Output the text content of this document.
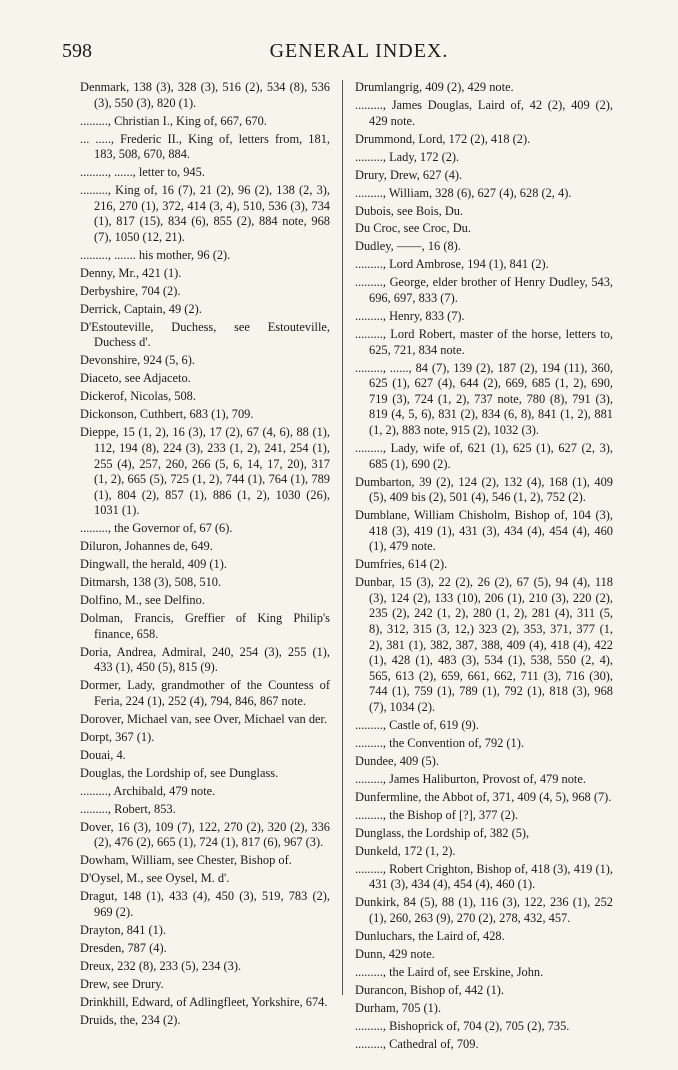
598	GENERAL INDEX.

Denmark, 138 (3), 328 (3), 516 (2), 534 (8), 536 (3), 550 (3), 820 (1).

........., Christian I., King of, 667, 670.

... ....., Frederic II., King of, letters from, 181, 183, 508, 670, 884.

........., ......, letter to, 945.

........., King of, 16 (7), 21 (2), 96 (2), 138 (2, 3), 216, 270 (1), 372, 414 (3, 4), 510, 536 (3), 734 (1), 817 (15), 834 (6), 855 (2), 884 note, 968 (7), 1050 (12, 21).

........., ....... his mother, 96 (2).

Denny, Mr., 421 (1).

Derbyshire, 704 (2).

Derrick, Captain, 49 (2).

D'Estouteville, Duchess, see Estouteville, Duchess d'.

Devonshire, 924 (5, 6).

Diaceto, see Adjaceto.

Dickerof, Nicolas, 508.

Dickonson, Cuthbert, 683 (1), 709.

Dieppe, 15 (1, 2), 16 (3), 17 (2), 67 (4, 6), 88 (1), 112, 194 (8), 224 (3), 233 (1, 2), 241, 254 (1), 255 (4), 257, 260, 266 (5, 6, 14, 17, 20), 317 (1, 2), 665 (5), 725 (1, 2), 744 (1), 764 (1), 789 (1), 804 (2), 857 (1), 886 (1, 2), 1030 (26), 1031 (1).

........., the Governor of, 67 (6).

Diluron, Johannes de, 649.

Dingwall, the herald, 409 (1).

Ditmarsh, 138 (3), 508, 510.

Dolfino, M., see Delfino.

Dolman, Francis, Greffier of King Philip's finance, 658.

Doria, Andrea, Admiral, 240, 254 (3), 255 (1), 433 (1), 450 (5), 815 (9).

Dormer, Lady, grandmother of the Countess of Feria, 224 (1), 252 (4), 794, 846, 867 note.

Dorover, Michael van, see Over, Michael van der.

Dorpt, 367 (1).

Douai, 4.

Douglas, the Lordship of, see Dunglass.

........., Archibald, 479 note.

........., Robert, 853.

Dover, 16 (3), 109 (7), 122, 270 (2), 320 (2), 336 (2), 476 (2), 665 (1), 724 (1), 817 (6), 967 (3).

Dowham, William, see Chester, Bishop of.

D'Oysel, M., see Oysel, M. d'.

Dragut, 148 (1), 433 (4), 450 (3), 519, 783 (2), 969 (2).

Drayton, 841 (1).

Dresden, 787 (4).

Dreux, 232 (8), 233 (5), 234 (3).

Drew, see Drury.

Drinkhill, Edward, of Adlingfleet, Yorkshire, 674.

Druids, the, 234 (2).

Drumlangrig, 409 (2), 429 note.

........., James Douglas, Laird of, 42 (2), 409 (2), 429 note.

Drummond, Lord, 172 (2), 418 (2).

........., Lady, 172 (2).

Drury, Drew, 627 (4).

........., William, 328 (6), 627 (4), 628 (2, 4).

Dubois, see Bois, Du.

Du Croc, see Croc, Du.

Dudley, ——, 16 (8).

........., Lord Ambrose, 194 (1), 841 (2).

........., George, elder brother of Henry Dudley, 543, 696, 697, 833 (7).

........., Henry, 833 (7).

........., Lord Robert, master of the horse, letters to, 625, 721, 834 note.

........., ......, 84 (7), 139 (2), 187 (2), 194 (11), 360, 625 (1), 627 (4), 644 (2), 669, 685 (1, 2), 690, 719 (3), 724 (1, 2), 737 note, 780 (8), 791 (3), 819 (4, 5, 6), 831 (2), 834 (6, 8), 841 (1, 2), 881 (1, 2), 883 note, 915 (2), 1032 (3).

........., Lady, wife of, 621 (1), 625 (1), 627 (2, 3), 685 (1), 690 (2).

Dumbarton, 39 (2), 124 (2), 132 (4), 168 (1), 409 (5), 409 bis (2), 501 (4), 546 (1, 2), 752 (2).

Dumblane, William Chisholm, Bishop of, 104 (3), 418 (3), 419 (1), 431 (3), 434 (4), 454 (4), 460 (1), 479 note.

Dumfries, 614 (2).

Dunbar, 15 (3), 22 (2), 26 (2), 67 (5), 94 (4), 118 (3), 124 (2), 133 (10), 206 (1), 210 (3), 220 (2), 235 (2), 242 (1, 2), 280 (1, 2), 281 (4), 311 (5, 8), 312, 315 (3, 12,) 323 (2), 353, 371, 377 (1, 2), 381 (1), 382, 387, 388, 409 (4), 418 (4), 422 (1), 428 (1), 483 (3), 534 (1), 538, 550 (2, 4), 565, 613 (2), 659, 661, 662, 711 (3), 716 (30), 744 (1), 759 (1), 789 (1), 792 (1), 818 (3), 968 (7), 1034 (2).

........., Castle of, 619 (9).

........., the Convention of, 792 (1).

Dundee, 409 (5).

........., James Haliburton, Provost of, 479 note.

Dunfermline, the Abbot of, 371, 409 (4, 5), 968 (7).

........., the Bishop of [?], 377 (2).

Dunglass, the Lordship of, 382 (5),

Dunkeld, 172 (1, 2).

........., Robert Crighton, Bishop of, 418 (3), 419 (1), 431 (3), 434 (4), 454 (4), 460 (1).

Dunkirk, 84 (5), 88 (1), 116 (3), 122, 236 (1), 252 (1), 260, 263 (9), 270 (2), 278, 432, 457.

Dunluchars, the Laird of, 428.

Dunn, 429 note.

........., the Laird of, see Erskine, John.

Durancon, Bishop of, 442 (1).

Durham, 705 (1).

........., Bishoprick of, 704 (2), 705 (2), 735.

........., Cathedral of, 709.
